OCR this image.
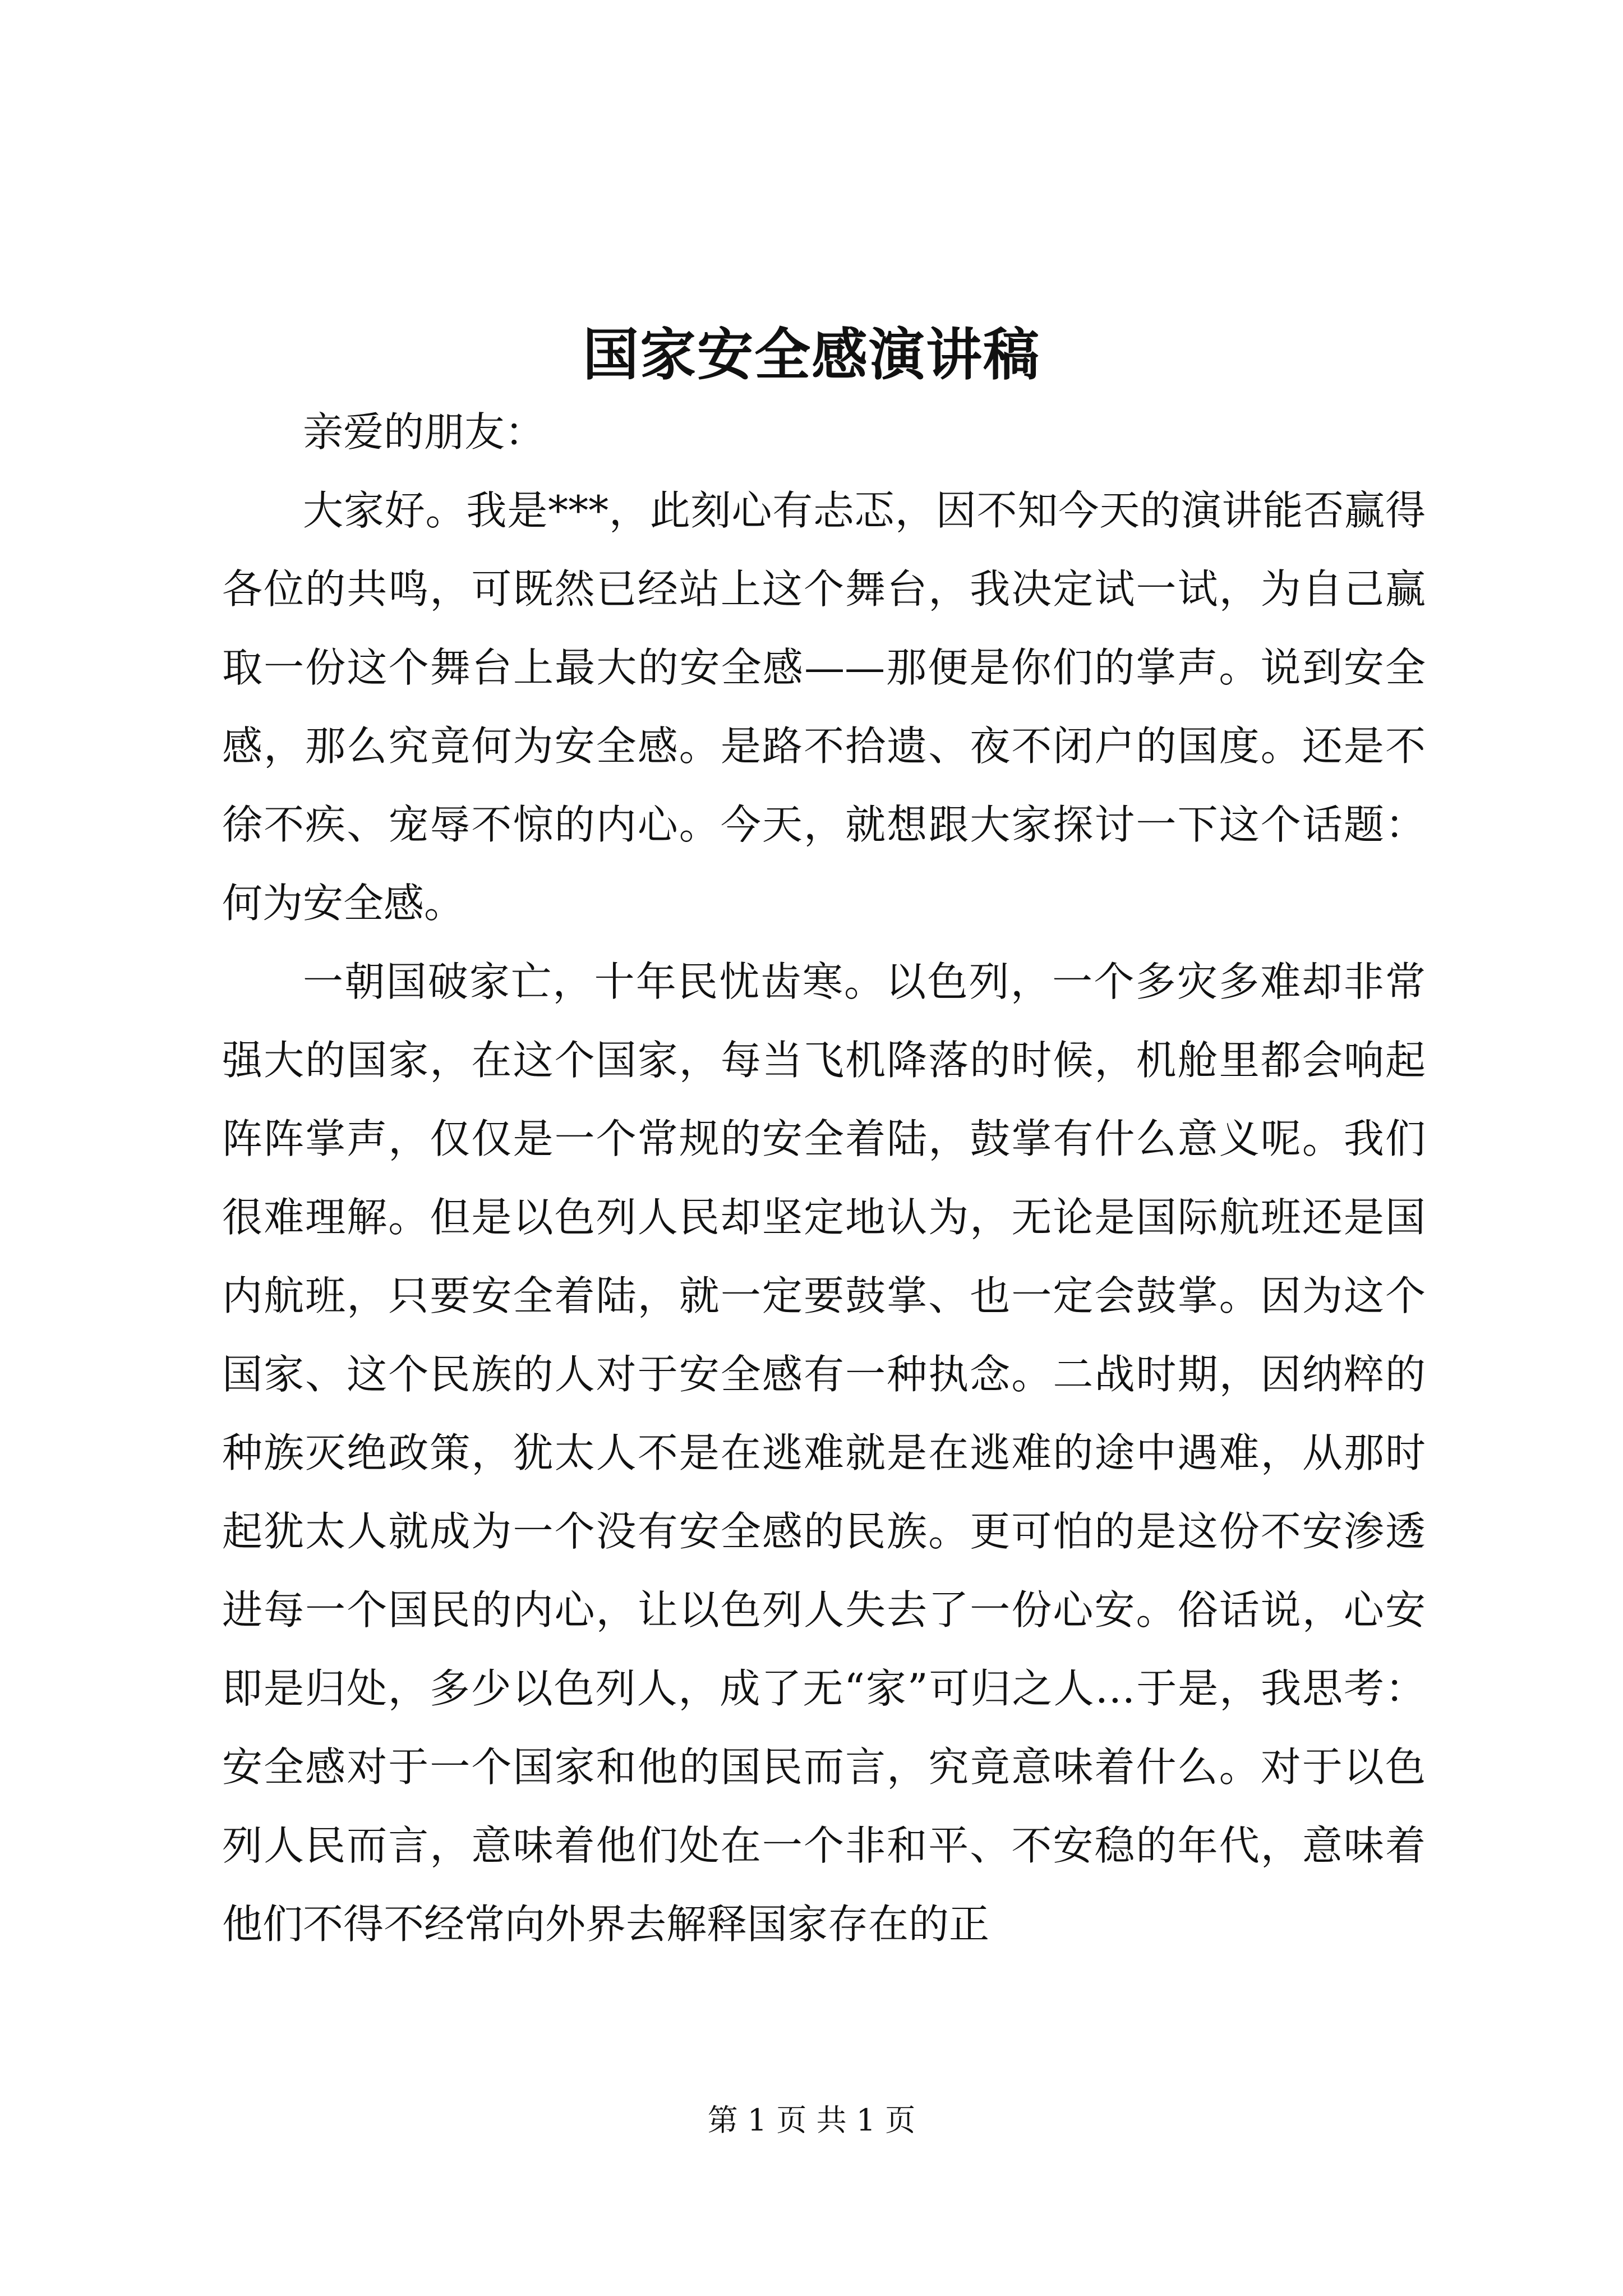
国家安全感演讲稿

亲爱的朋友：

大家好。我是***，此刻心有忐忑，因不知今天的演讲能否赢得各位的共鸣，可既然已经站上这个舞台，我决定试一试，为自己赢取一份这个舞台上最大的安全感——那便是你们的掌声。说到安全感，那么究竟何为安全感。是路不拾遗、夜不闭户的国度。还是不徐不疾、宠辱不惊的内心。今天，就想跟大家探讨一下这个话题：何为安全感。

一朝国破家亡，十年民忧齿寒。以色列，一个多灾多难却非常强大的国家，在这个国家，每当飞机降落的时候，机舱里都会响起阵阵掌声，仅仅是一个常规的安全着陆，鼓掌有什么意义呢。我们很难理解。但是以色列人民却坚定地认为，无论是国际航班还是国内航班，只要安全着陆，就一定要鼓掌、也一定会鼓掌。因为这个国家、这个民族的人对于安全感有一种执念。二战时期，因纳粹的种族灭绝政策，犹太人不是在逃难就是在逃难的途中遇难，从那时起犹太人就成为一个没有安全感的民族。更可怕的是这份不安渗透进每一个国民的内心，让以色列人失去了一份心安。俗话说，心安即是归处，多少以色列人，成了无“家”可归之人…于是，我思考：安全感对于一个国家和他的国民而言，究竟意味着什么。对于以色列人民而言，意味着他们处在一个非和平、不安稳的年代，意味着他们不得不经常向外界去解释国家存在的正

第 1 页 共 1 页
